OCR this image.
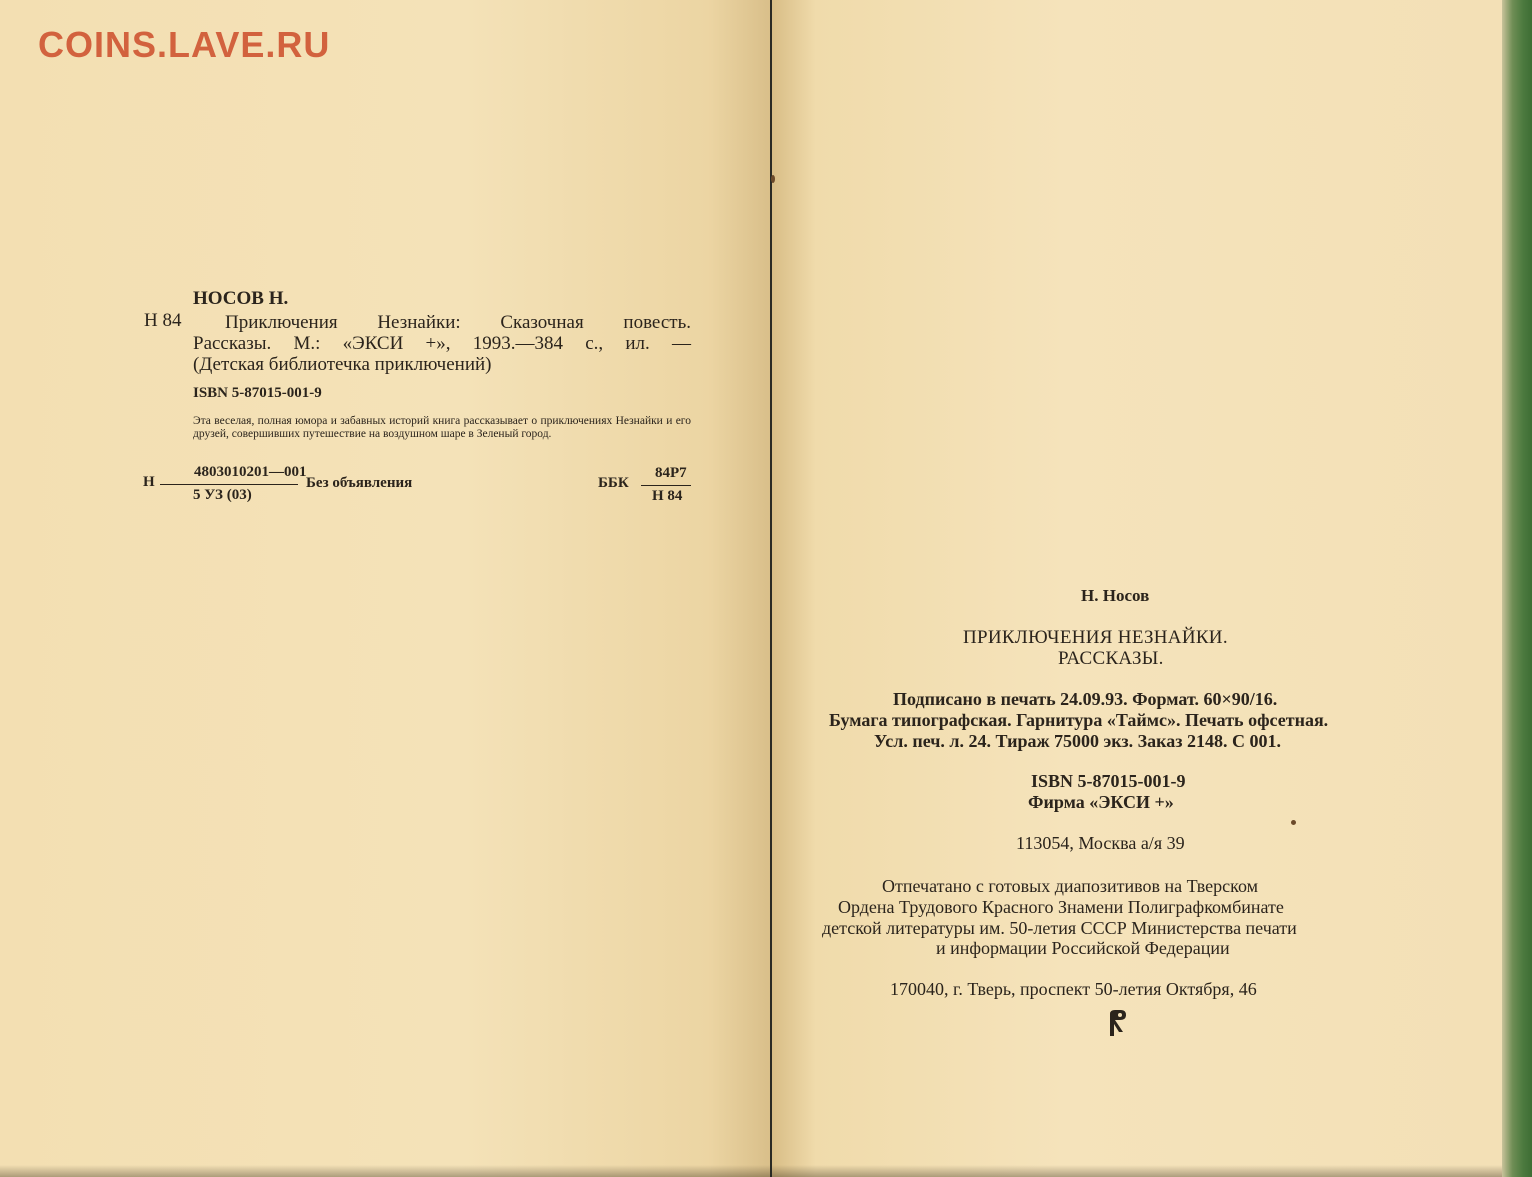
COINS.LAVE.RU
НОСОВ Н.
Н 84 Приключения Незнайки: Сказочная повесть.
Рассказы. М.: «ЭКСИ +», 1993.—384 с., ил. —
(Детская библиотечка приключений)
ISBN 5-87015-001-9
Эта веселая, полная юмора и забавных историй книга рассказывает о приключениях Незнайки и его друзей, совершивших путешествие на воздушном шаре в Зеленый город.
Н
4803010201—001
5 УЗ (03)
Без объявления	ББК
84Р7
Н 84
Н. Носов
ПРИКЛЮЧЕНИЯ НЕЗНАЙКИ.
РАССКАЗЫ.
Подписано в печать 24.09.93. Формат. 60×90/16.
Бумага типографская. Гарнитура «Таймс». Печать офсетная.
Усл. печ. л. 24. Тираж 75000 экз. Заказ 2148. С 001.
ISBN 5-87015-001-9
Фирма «ЭКСИ +»
113054, Москва а/я 39
Отпечатано с готовых диапозитивов на Тверском
Ордена Трудового Красного Знамени Полиграфкомбинате
детской литературы им. 50-летия СССР Министерства печати
и информации Российской Федерации
170040, г. Тверь, проспект 50-летия Октября, 46
